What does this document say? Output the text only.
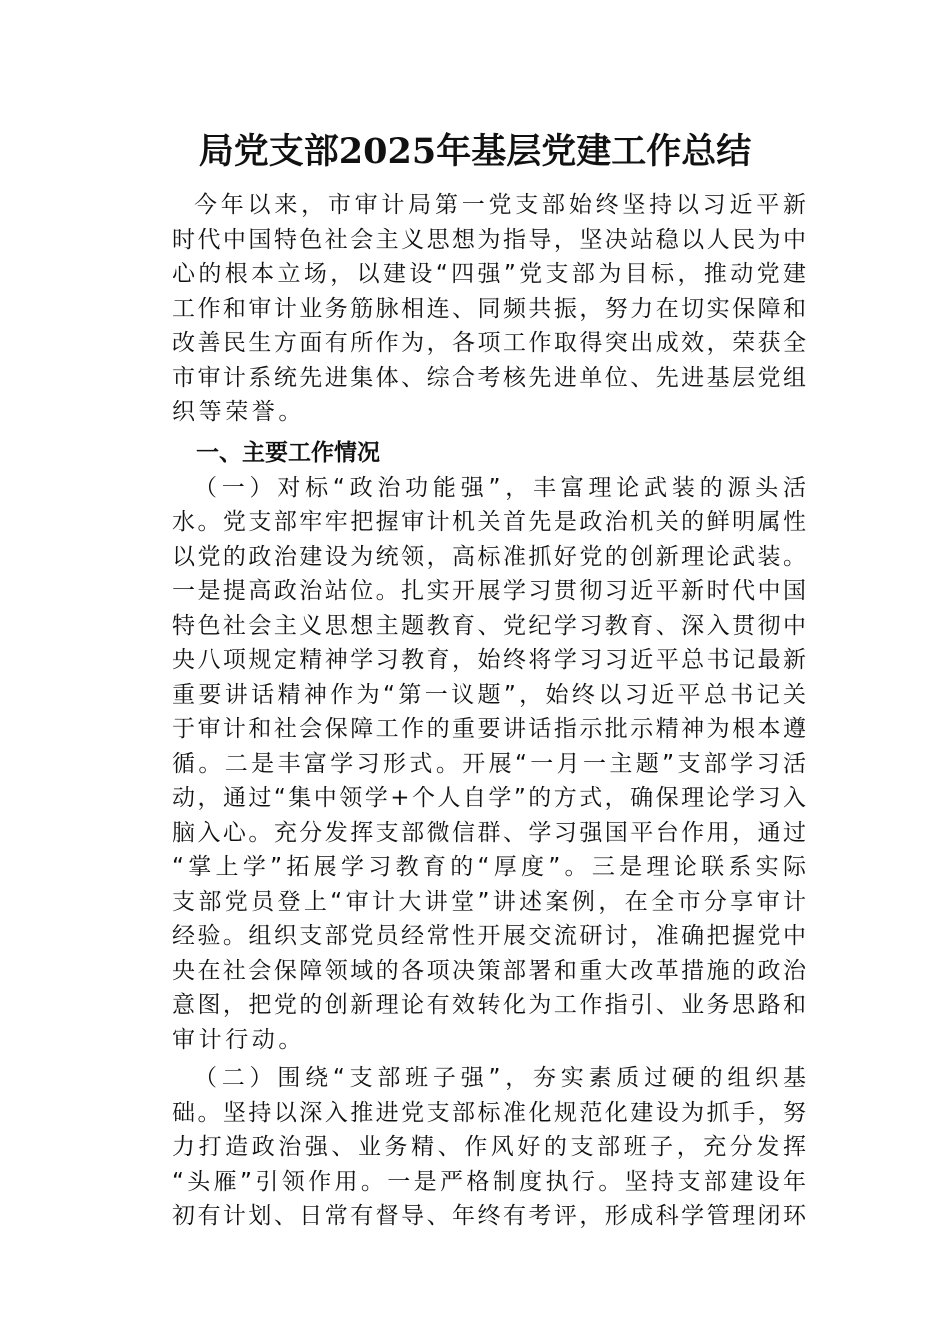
局党支部2025年基层党建工作总结
今年以来，市审计局第一党支部始终坚持以习近平新
时代中国特色社会主义思想为指导，坚决站稳以人民为中
心的根本立场，以建设“四强”党支部为目标，推动党建
工作和审计业务筋脉相连、同频共振，努力在切实保障和
改善民生方面有所作为，各项工作取得突出成效，荣获全
市审计系统先进集体、综合考核先进单位、先进基层党组
织等荣誉。
一、主要工作情况
（一）对标“政治功能强”，丰富理论武装的源头活
水。党支部牢牢把握审计机关首先是政治机关的鲜明属性
以党的政治建设为统领，高标准抓好党的创新理论武装。
一是提高政治站位。扎实开展学习贯彻习近平新时代中国
特色社会主义思想主题教育、党纪学习教育、深入贯彻中
央八项规定精神学习教育，始终将学习习近平总书记最新
重要讲话精神作为“第一议题”，始终以习近平总书记关
于审计和社会保障工作的重要讲话指示批示精神为根本遵
循。二是丰富学习形式。开展“一月一主题”支部学习活
动，通过“集中领学+个人自学”的方式，确保理论学习入
脑入心。充分发挥支部微信群、学习强国平台作用，通过
“掌上学”拓展学习教育的“厚度”。三是理论联系实际
支部党员登上“审计大讲堂”讲述案例，在全市分享审计
经验。组织支部党员经常性开展交流研讨，准确把握党中
央在社会保障领域的各项决策部署和重大改革措施的政治
意图，把党的创新理论有效转化为工作指引、业务思路和
审计行动。
（二）围绕“支部班子强”，夯实素质过硬的组织基
础。坚持以深入推进党支部标准化规范化建设为抓手，努
力打造政治强、业务精、作风好的支部班子，充分发挥
“头雁”引领作用。一是严格制度执行。坚持支部建设年
初有计划、日常有督导、年终有考评，形成科学管理闭环
